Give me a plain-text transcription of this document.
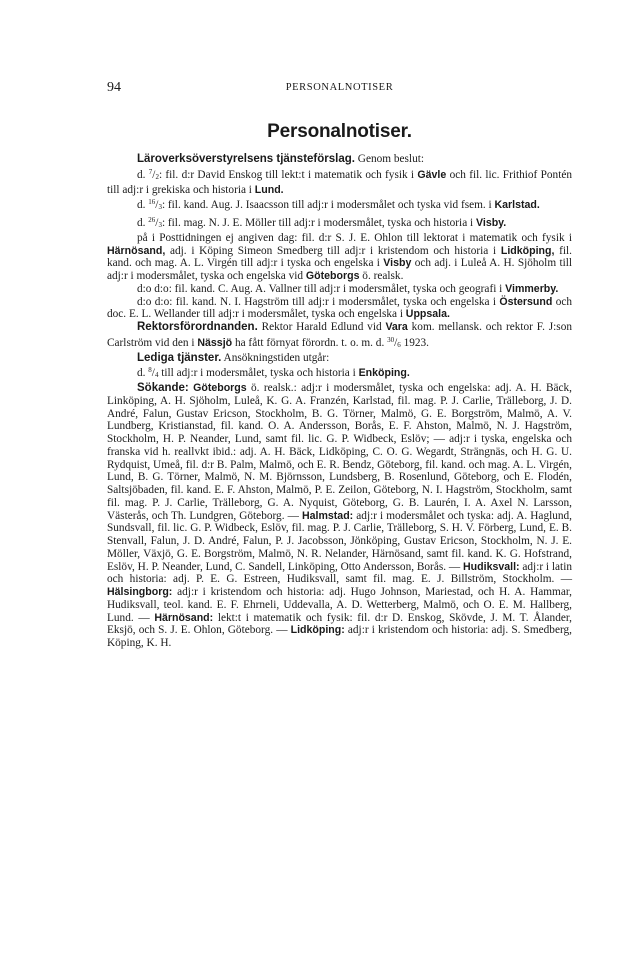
94	PERSONALNOTISER
Personalnotiser.

Läroverksöverstyrelsens tjänsteförslag. Genom beslut:

d. $^7/_2$: fil. d:r David Enskog till lekt:t i matematik och fysik i Gävle och fil. lic. Frithiof Pontén till adj:r i grekiska och historia i Lund.

d. $^{16}/_3$: fil. kand. Aug. J. Isaacsson till adj:r i modersmålet och tyska vid fsem. i Karlstad.

d. $^{26}/_3$: fil. mag. N. J. E. Möller till adj:r i modersmålet, tyska och historia i Visby.

på i Posttidningen ej angiven dag: fil. d:r S. J. E. Ohlon till lektorat i matematik och fysik i Härnösand, adj. i Köping Simeon Smedberg till adj:r i kristendom och historia i Lidköping, fil. kand. och mag. A. L. Virgén till adj:r i tyska och engelska i Visby och adj. i Luleå A. H. Sjöholm till adj:r i modersmålet, tyska och engelska vid Göteborgs ö. realsk.

d:o d:o: fil. kand. C. Aug. A. Vallner till adj:r i modersmålet, tyska och geografi i Vimmerby.

d:o d:o: fil. kand. N. I. Hagström till adj:r i modersmålet, tyska och engelska i Östersund och doc. E. L. Wellander till adj:r i modersmålet, tyska och engelska i Uppsala.

Rektorsförordnanden. Rektor Harald Edlund vid Vara kom. mellansk. och rektor F. J:son Carlström vid den i Nässjö ha fått förnyat förordn. t. o. m. d. $^{30}/_6$ 1923.

Lediga tjänster. Ansökningstiden utgår:

d. $^8/_4$ till adj:r i modersmålet, tyska och historia i Enköping.

Sökande: Göteborgs ö. realsk.: adj:r i modersmålet, tyska och engelska: adj. A. H. Bäck, Linköping, A. H. Sjöholm, Luleå, K. G. A. Franzén, Karlstad, fil. mag. P. J. Carlie, Trälleborg, J. D. André, Falun, Gustav Ericson, Stockholm, B. G. Törner, Malmö, G. E. Borgström, Malmö, A. V. Lundberg, Kristianstad, fil. kand. O. A. Andersson, Borås, E. F. Ahston, Malmö, N. J. Hagström, Stockholm, H. P. Neander, Lund, samt fil. lic. G. P. Widbeck, Eslöv; — adj:r i tyska, engelska och franska vid h. reallvkt ibid.: adj. A. H. Bäck, Lidköping, C. O. G. Wegardt, Strängnäs, och H. G. U. Rydquist, Umeå, fil. d:r B. Palm, Malmö, och E. R. Bendz, Göteborg, fil. kand. och mag. A. L. Virgén, Lund, B. G. Törner, Malmö, N. M. Björnsson, Lundsberg, B. Rosenlund, Göteborg, och E. Flodén, Saltsjöbaden, fil. kand. E. F. Ahston, Malmö, P. E. Zeilon, Göteborg, N. I. Hagström, Stockholm, samt fil. mag. P. J. Carlie, Trälleborg, G. A. Nyquist, Göteborg, G. B. Laurén, I. A. Axel N. Larsson, Västerås, och Th. Lundgren, Göteborg. — Halmstad: adj:r i modersmålet och tyska: adj. A. Haglund, Sundsvall, fil. lic. G. P. Widbeck, Eslöv, fil. mag. P. J. Carlie, Trälleborg, S. H. V. Förberg, Lund, E. B. Stenvall, Falun, J. D. André, Falun, P. J. Jacobsson, Jönköping, Gustav Ericson, Stockholm, N. J. E. Möller, Växjö, G. E. Borgström, Malmö, N. R. Nelander, Härnösand, samt fil. kand. K. G. Hofstrand, Eslöv, H. P. Neander, Lund, C. Sandell, Linköping, Otto Andersson, Borås. — Hudiksvall: adj:r i latin och historia: adj. P. E. G. Estreen, Hudiksvall, samt fil. mag. E. J. Billström, Stockholm. — Hälsingborg: adj:r i kristendom och historia: adj. Hugo Johnson, Mariestad, och H. A. Hammar, Hudiksvall, teol. kand. E. F. Ehrneli, Uddevalla, A. D. Wetterberg, Malmö, och O. E. M. Hallberg, Lund. — Härnösand: lekt:t i matematik och fysik: fil. d:r D. Enskog, Skövde, J. M. T. Ålander, Eksjö, och S. J. E. Ohlon, Göteborg. — Lidköping: adj:r i kristendom och historia: adj. S. Smedberg, Köping, K. H.
